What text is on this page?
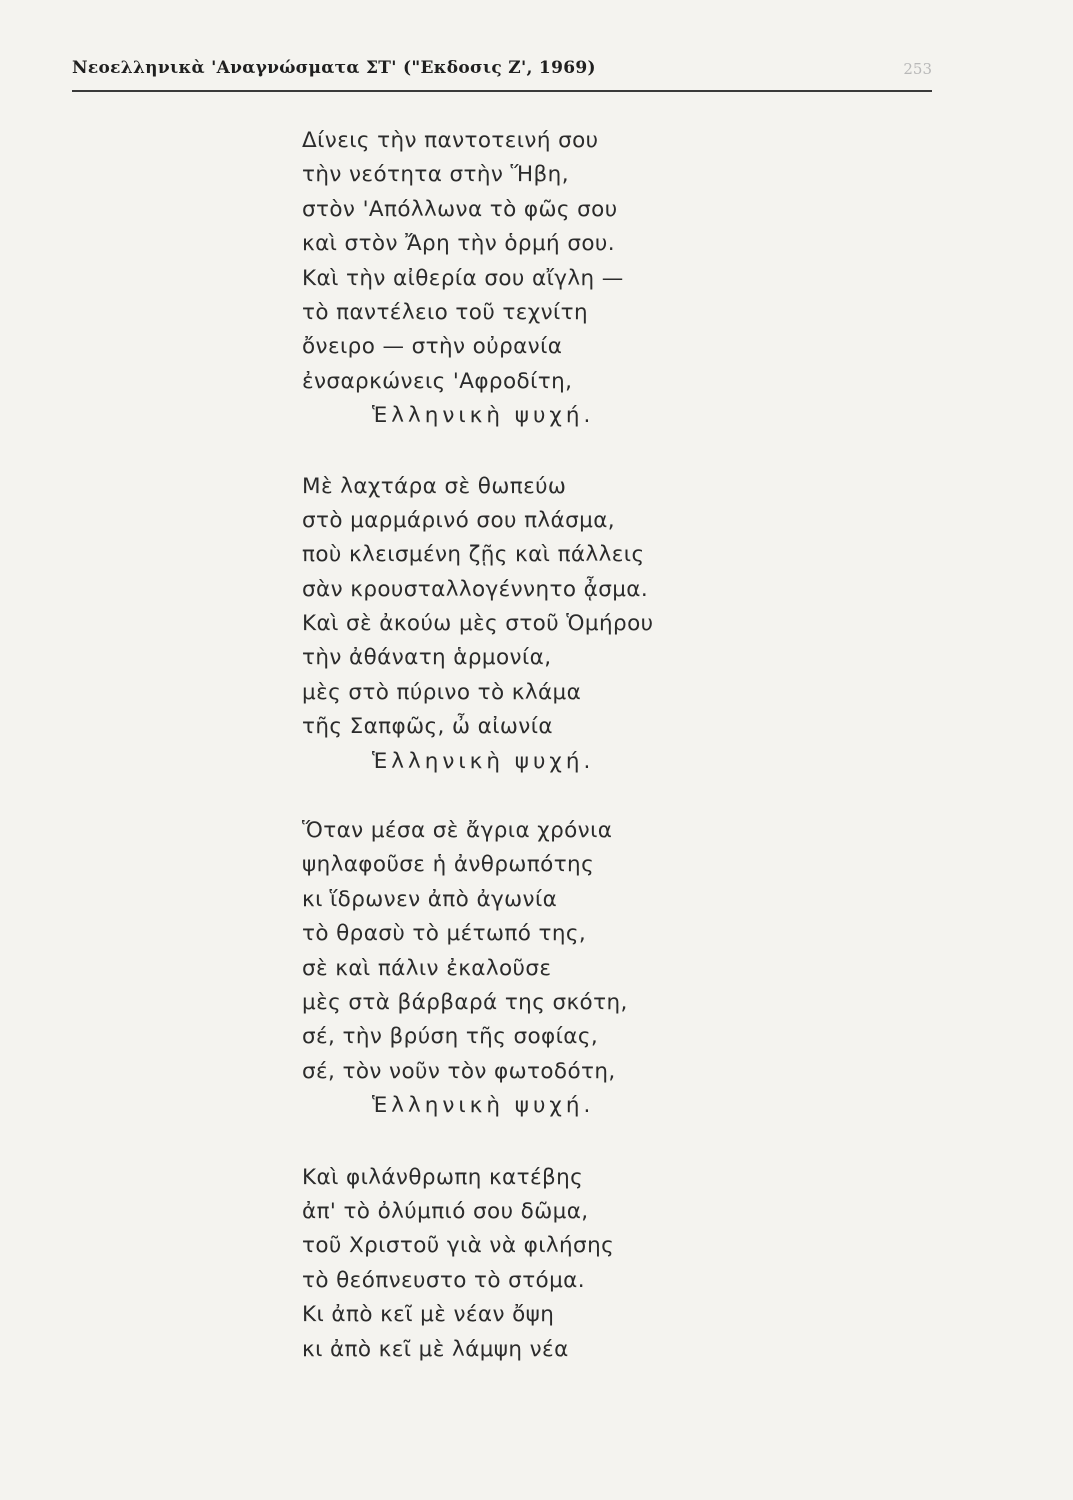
Νεοελληνικὰ 'Αναγνώσματα ΣΤ' ("Εκδοσις Ζ', 1969)	253
Δίνεις τὴν παντοτεινή σου
τὴν νεότητα στὴν Ἥβη,
στὸν 'Απόλλωνα τὸ φῶς σου
καὶ στὸν Ἄρη τὴν ὁρμή σου.
Καὶ τὴν αἰθερία σου αἴγλη —
τὸ παντέλειο τοῦ τεχνίτη
ὄνειρο — στὴν οὐρανία
ἐνσαρκώνεις 'Αφροδίτη,
Ἑλληνικὴ ψυχή.
Μὲ λαχτάρα σὲ θωπεύω
στὸ μαρμάρινό σου πλάσμα,
ποὺ κλεισμένη ζῇς καὶ πάλλεις
σὰν κρουσταλλογέννητο ᾆσμα.
Καὶ σὲ ἀκούω μὲς στοῦ Ὁμήρου
τὴν ἀθάνατη ἁρμονία,
μὲς στὸ πύρινο τὸ κλάμα
τῆς Σαπφῶς, ὦ αἰωνία
Ἑλληνικὴ ψυχή.
Ὅταν μέσα σὲ ἄγρια χρόνια
ψηλαφοῦσε ἡ ἀνθρωπότης
κι ἵδρωνεν ἀπὸ ἀγωνία
τὸ θρασὺ τὸ μέτωπό της,
σὲ καὶ πάλιν ἐκαλοῦσε
μὲς στὰ βάρβαρά της σκότη,
σέ, τὴν βρύση τῆς σοφίας,
σέ, τὸν νοῦν τὸν φωτοδότη,
Ἑλληνικὴ ψυχή.
Καὶ φιλάνθρωπη κατέβης
ἀπ' τὸ ὀλύμπιό σου δῶμα,
τοῦ Χριστοῦ γιὰ νὰ φιλήσης
τὸ θεόπνευστο τὸ στόμα.
Κι ἀπὸ κεῖ μὲ νέαν ὄψη
κι ἀπὸ κεῖ μὲ λάμψη νέα
